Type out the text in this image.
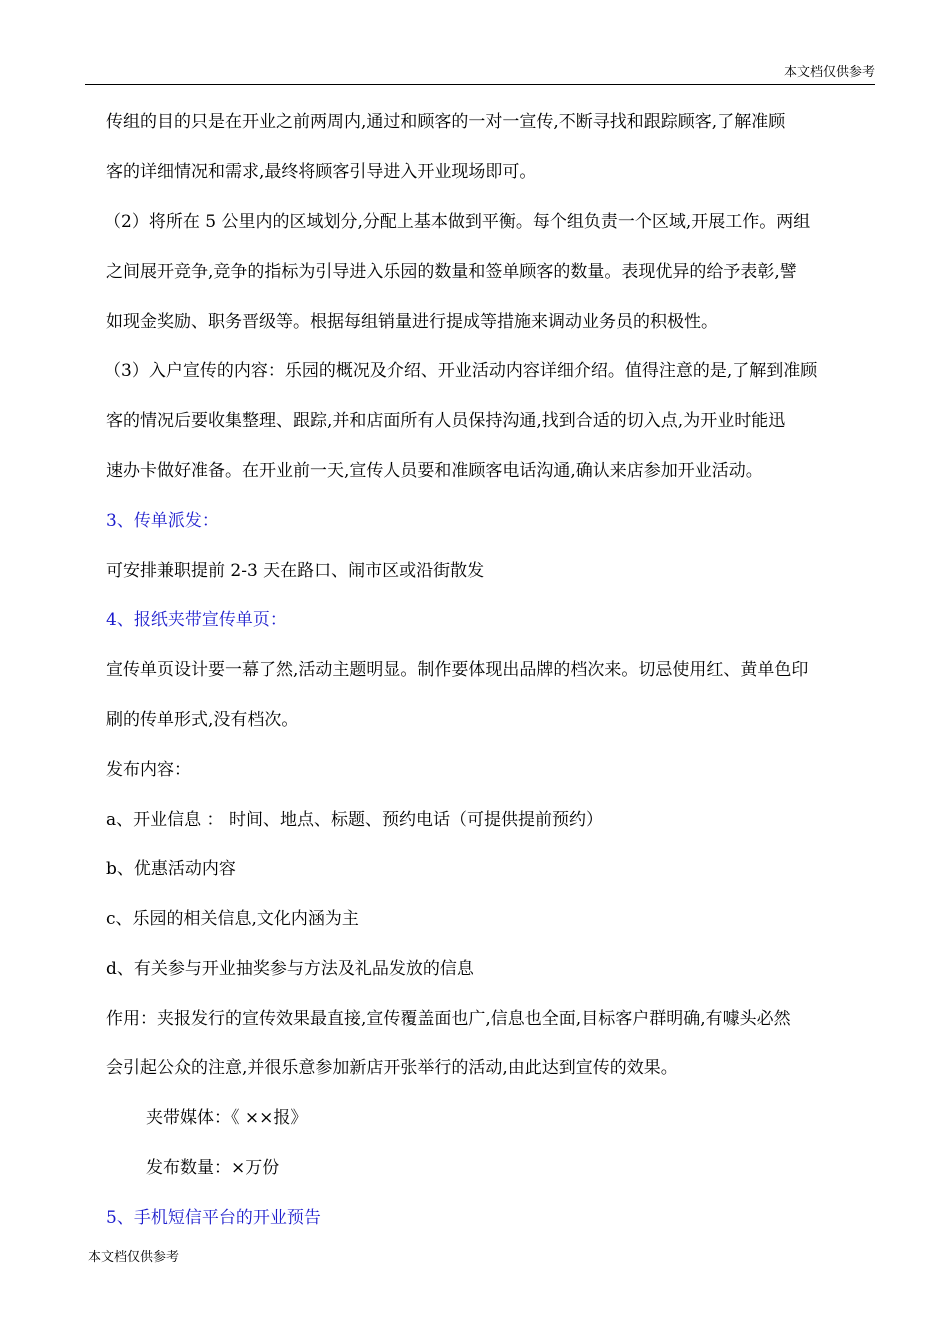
本文档仅供参考
传组的目的只是在开业之前两周内,通过和顾客的一对一宣传,不断寻找和跟踪顾客,了解准顾
客的详细情况和需求,最终将顾客引导进入开业现场即可。
（2）将所在 5 公里内的区域划分,分配上基本做到平衡。每个组负责一个区域,开展工作。两组
之间展开竞争,竞争的指标为引导进入乐园的数量和签单顾客的数量。表现优异的给予表彰,譬
如现金奖励、职务晋级等。根据每组销量进行提成等措施来调动业务员的积极性。
（3）入户宣传的内容：乐园的概况及介绍、开业活动内容详细介绍。值得注意的是,了解到准顾
客的情况后要收集整理、跟踪,并和店面所有人员保持沟通,找到合适的切入点,为开业时能迅
速办卡做好准备。在开业前一天,宣传人员要和准顾客电话沟通,确认来店参加开业活动。
3、传单派发：
可安排兼职提前 2-3 天在路口、闹市区或沿街散发
4、报纸夹带宣传单页：
宣传单页设计要一幕了然,活动主题明显。制作要体现出品牌的档次来。切忌使用红、黄单色印
刷的传单形式,没有档次。
发布内容：
a、开业信息 ： 时间、地点、标题、预约电话（可提供提前预约）
b、优惠活动内容
c、乐园的相关信息,文化内涵为主
d、有关参与开业抽奖参与方法及礼品发放的信息
作用：夹报发行的宣传效果最直接,宣传覆盖面也广,信息也全面,目标客户群明确,有噱头必然
会引起公众的注意,并很乐意参加新店开张举行的活动,由此达到宣传的效果。
夹带媒体：《 ××报》
发布数量：×万份
5、手机短信平台的开业预告
本文档仅供参考
